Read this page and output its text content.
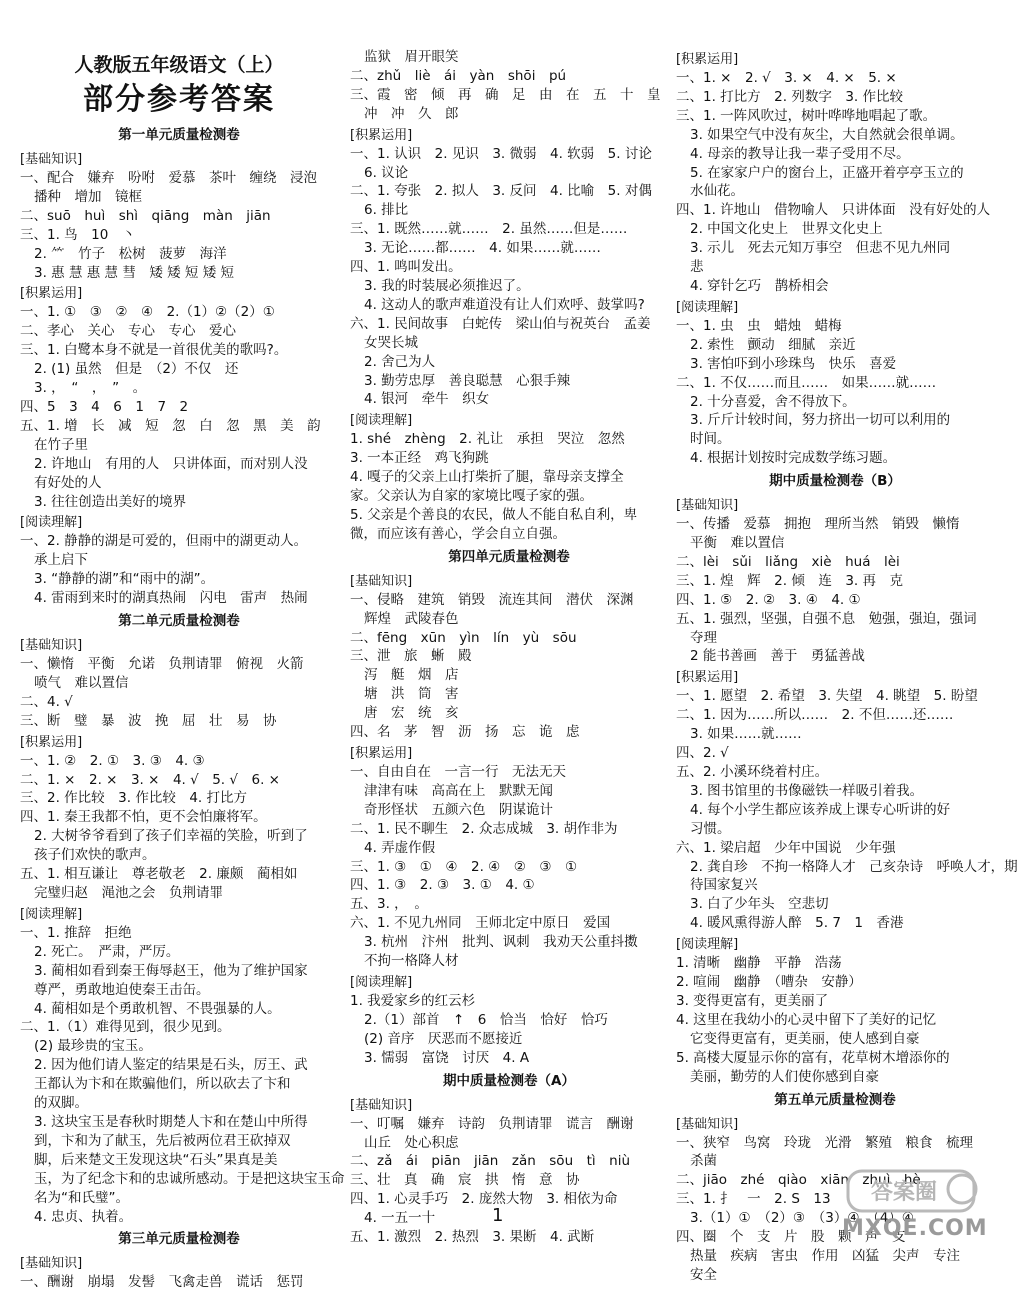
人教版五年级语文（上）
部分参考答案
第一单元质量检测卷
[基础知识]
一、配合　嫌弃　吩咐　爱慕　茶叶　缠绕　浸泡
播种　增加　镜框
二、suō　huì　shì　qiāng　màn　jiān
三、1. 鸟　10　丶
2. ⺮　竹子　松树　菠萝　海洋
3. 惠 慧 惠 慧 彗　矮 矮 短 矮 短
[积累运用]
一、1. ①　③　②　④　2.（1）②（2）①
二、孝心　关心　专心　专心　爱心
三、1. 白鹭本身不就是一首很优美的歌吗?。
2. (1) 虽然　但是　（2）不仅　还
3. ，　“　，　”　。
四、5　3　4　6　1　7　2
五、1. 增　长　减　短　忽　白　忽　黑　美　韵
在竹子里
2. 许地山　有用的人　只讲体面，而对别人没
有好处的人
3. 往往创造出美好的境界
[阅读理解]
一、2. 静静的湖是可爱的，但雨中的湖更动人。
承上启下
3. “静静的湖”和“雨中的湖”。
4. 雷雨到来时的湖真热闹　闪电　雷声　热闹
第二单元质量检测卷
[基础知识]
一、懒惰　平衡　允诺　负荆请罪　俯视　火箭
喷气　难以置信
二、4. √
三、断　璧　暴　波　挽　屈　壮　易　协
[积累运用]
一、1. ②　2. ①　3. ③　4. ③
二、1. ×　2. ×　3. ×　4. √　5. √　6. ×
三、2. 作比较　3. 作比较　4. 打比方
四、1. 秦王我都不怕，更不会怕廉将军。
2. 大树爷爷看到了孩子们幸福的笑脸，听到了
孩子们欢快的歌声。
五、1. 相互谦让　尊老敬老　2. 廉颇　蔺相如
完璧归赵　渑池之会　负荆请罪
[阅读理解]
一、1. 推辞　拒绝
2. 死亡。　严肃，严厉。
3. 蔺相如看到秦王侮辱赵王，他为了维护国家
尊严，勇敢地迫使秦王击缶。
4. 蔺相如是个勇敢机智、不畏强暴的人。
二、1.（1）难得见到，很少见到。
(2) 最珍贵的宝玉。
2. 因为他们请人鉴定的结果是石头，厉王、武
王都认为卞和在欺骗他们，所以砍去了卞和
的双脚。
3. 这块宝玉是春秋时期楚人卞和在楚山中所得
到，卞和为了献玉，先后被两位君王砍掉双
脚，后来楚文王发现这块“石头”果真是美
玉，为了纪念卞和的忠诚所感动。于是把这块宝玉命
名为“和氏璧”。
4. 忠贞、执着。
第三单元质量检测卷
[基础知识]
一、酬谢　崩塌　发髻　飞禽走兽　谎话　惩罚
监狱　眉开眼笑
二、zhǔ　liè　ái　yàn　shōi　pú
三、霞　密　倾　再　确　足　由　在　五　十　皇
冲　冲　久　郎
[积累运用]
一、1. 认识　2. 见识　3. 微弱　4. 软弱　5. 讨论
6. 议论
二、1. 夸张　2. 拟人　3. 反问　4. 比喻　5. 对偶
6. 排比
三、1. 既然……就……　2. 虽然……但是……
3. 无论……都……　4. 如果……就……
四、1. 鸣叫发出。
3. 我的时装展必须推迟了。
4. 这动人的歌声难道没有让人们欢呼、鼓掌吗?
六、1. 民间故事　白蛇传　梁山伯与祝英台　孟姜
女哭长城
2. 舍己为人
3. 勤劳忠厚　善良聪慧　心狠手辣
4. 银河　牵牛　织女
[阅读理解]
1. shé　zhèng　2. 礼让　承担　哭泣　忽然
3. 一本正经　鸡飞狗跳
4. 嘎子的父亲上山打柴折了腿，靠母亲支撑全
家。父亲认为自家的家境比嘎子家的强。
5. 父亲是个善良的农民，做人不能自私自利，卑
微，而应该有善心，学会自立自强。
第四单元质量检测卷
[基础知识]
一、侵略　建筑　销毁　流连其间　潜伏　深渊
辉煌　武陵春色
二、fēng　xūn　yìn　lín　yù　sōu
三、泄　旅　蜥　殿
泻　艇　烟　店
塘　洪　筒　害
唐　宏　统　亥
四、名　茅　智　沥　扬　忘　诡　虑
[积累运用]
一、自由自在　一言一行　无法无天
津津有味　高高在上　默默无闻
奇形怪状　五颜六色　阴谋诡计
二、1. 民不聊生　2. 众志成城　3. 胡作非为
4. 弄虚作假
三、1. ③　①　④　2. ④　②　③　①
四、1. ③　2. ③　3. ①　4. ①
五、3. ，　。
六、1. 不见九州同　王师北定中原日　爱国
3. 杭州　汴州　批判、讽刺　我劝天公重抖擞
不拘一格降人材
[阅读理解]
1. 我爱家乡的红云杉
2.（1）部首　↑　6　恰当　恰好　恰巧
(2) 音序　厌恶而不愿接近
3. 懦弱　富饶　讨厌　4. A
期中质量检测卷（A）
[基础知识]
一、叮嘱　嫌弃　诗韵　负荆请罪　谎言　酬谢
山丘　处心积虑
二、zǎ　ái　piān　jiān　zǎn　sōu　tì　niù
三、壮　真　确　宸　拱　惰　意　协
四、1. 心灵手巧　2. 庞然大物　3. 相依为命
4. 一五一十
五、1. 激烈　2. 热烈　3. 果断　4. 武断
[积累运用]
一、1. ×　2. √　3. ×　4. ×　5. ×
二、1. 打比方　2. 列数字　3. 作比较
三、1. 一阵风吹过，树叶哗哗地唱起了歌。
3. 如果空气中没有灰尘，大自然就会很单调。
4. 母亲的教导让我一辈子受用不尽。
5. 在家家户户的窗台上，正盛开着亭亭玉立的
水仙花。
四、1. 许地山　借物喻人　只讲体面　没有好处的人
2. 中国文化史上　世界文化史上
3. 示儿　死去元知万事空　但悲不见九州同
悲
4. 穿针乞巧　鹊桥相会
[阅读理解]
一、1. 虫　虫　蜡烛　蜡梅
2. 索性　颤动　细腻　亲近
3. 害怕吓到小珍珠鸟　快乐　喜爱
二、1. 不仅……而且……　如果……就……
2. 十分喜爱，舍不得放下。
3. 斤斤计较时间，努力挤出一切可以利用的
时间。
4. 根据计划按时完成数学练习题。
期中质量检测卷（B）
[基础知识]
一、传播　爱慕　拥抱　理所当然　销毁　懒惰
平衡　难以置信
二、lèi　sǔi　liǎng　xiè　huá　lèi
三、1. 煌　辉　2. 倾　连　3. 再　克
四、1. ⑤　2. ②　3. ④　4. ①
五、1. 强烈，坚强，自强不息　勉强，强迫，强词
夺理
2 能书善画　善于　勇猛善战
[积累运用]
一、1. 愿望　2. 希望　3. 失望　4. 眺望　5. 盼望
二、1. 因为……所以……　2. 不但……还……
3. 如果……就……
四、2. √
五、2. 小溪环绕着村庄。
3. 图书馆里的书像磁铁一样吸引着我。
4. 每个小学生都应该养成上课专心听讲的好
习惯。
六、1. 梁启超　少年中国说　少年强
2. 龚自珍　不拘一格降人才　己亥杂诗　呼唤人才，期
待国家复兴
3. 白了少年头　空悲切
4. 暖风熏得游人醉　5. 7　1　香港
[阅读理解]
1. 清晰　幽静　平静　浩荡
2. 喧闹　幽静　（嘈杂　安静）
3. 变得更富有，更美丽了
4. 这里在我幼小的心灵中留下了美好的记忆
它变得更富有，更美丽，使人感到自豪
5. 高楼大厦显示你的富有，花草树木增添你的
美丽，勤劳的人们使你感到自豪
第五单元质量检测卷
[基础知识]
一、狭窄　鸟窝　玲珑　光滑　繁殖　粮食　梳理
杀菌
二、jiāo　zhé　qiào　xiān　zhuì　hè
三、1. 扌　一　2. S　13
3.（1）①　（2）③　（3）④　（4）④
四、圈　个　支　片　股　颗　声　支
热量　疾病　害虫　作用　凶猛　尖声　专注
安全
1
答案圈
MXQE.COM
